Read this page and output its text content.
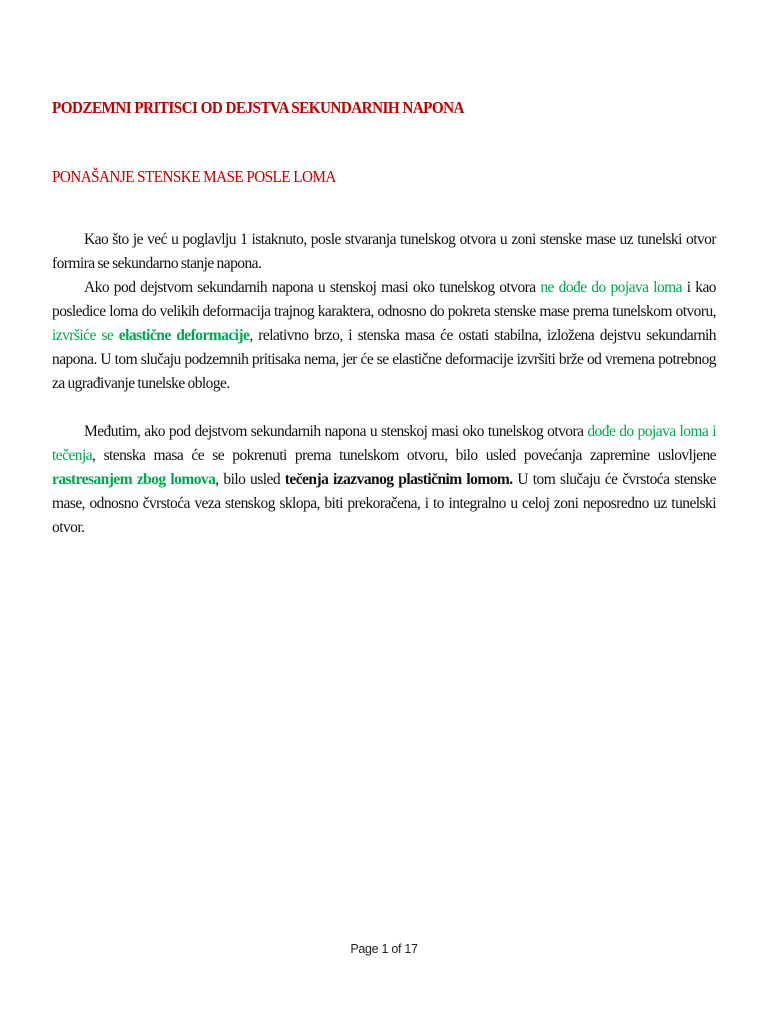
PODZEMNI PRITISCI OD DEJSTVA SEKUNDARNIH NAPONA
PONAŠANJE STENSKE MASE POSLE LOMA

Kao što je već u poglavlju 1 istaknuto, posle stvaranja tunelskog otvora u zoni stenske mase uz tunelski otvor formira se sekundarno stanje napona.

Ako pod dejstvom sekundarnih napona u stenskoj masi oko tunelskog otvora ne dođe do pojava loma i kao posledice loma do velikih deformacija trajnog karaktera, odnosno do pokreta stenske mase prema tunelskom otvoru, izvršiće se elastične deformacije, relativno brzo, i stenska masa će ostati stabilna, izložena dejstvu sekundarnih napona. U tom slučaju podzemnih pritisaka nema, jer će se elastične deformacije izvršiti brže od vremena potrebnog za ugrađivanje tunelske obloge.

Međutim, ako pod dejstvom sekundarnih napona u stenskoj masi oko tunelskog otvora dođe do pojava loma i tečenja, stenska masa će se pokrenuti prema tunelskom otvoru, bilo usled povećanja zapremine uslovljene rastresanjem zbog lomova, bilo usled tečenja izazvanog plastičnim lomom. U tom slučaju će čvrstoća stenske mase, odnosno čvrstoća veza stenskog sklopa, biti prekoračena, i to integralno u celoj zoni neposredno uz tunelski otvor.

Page 1 of 17
